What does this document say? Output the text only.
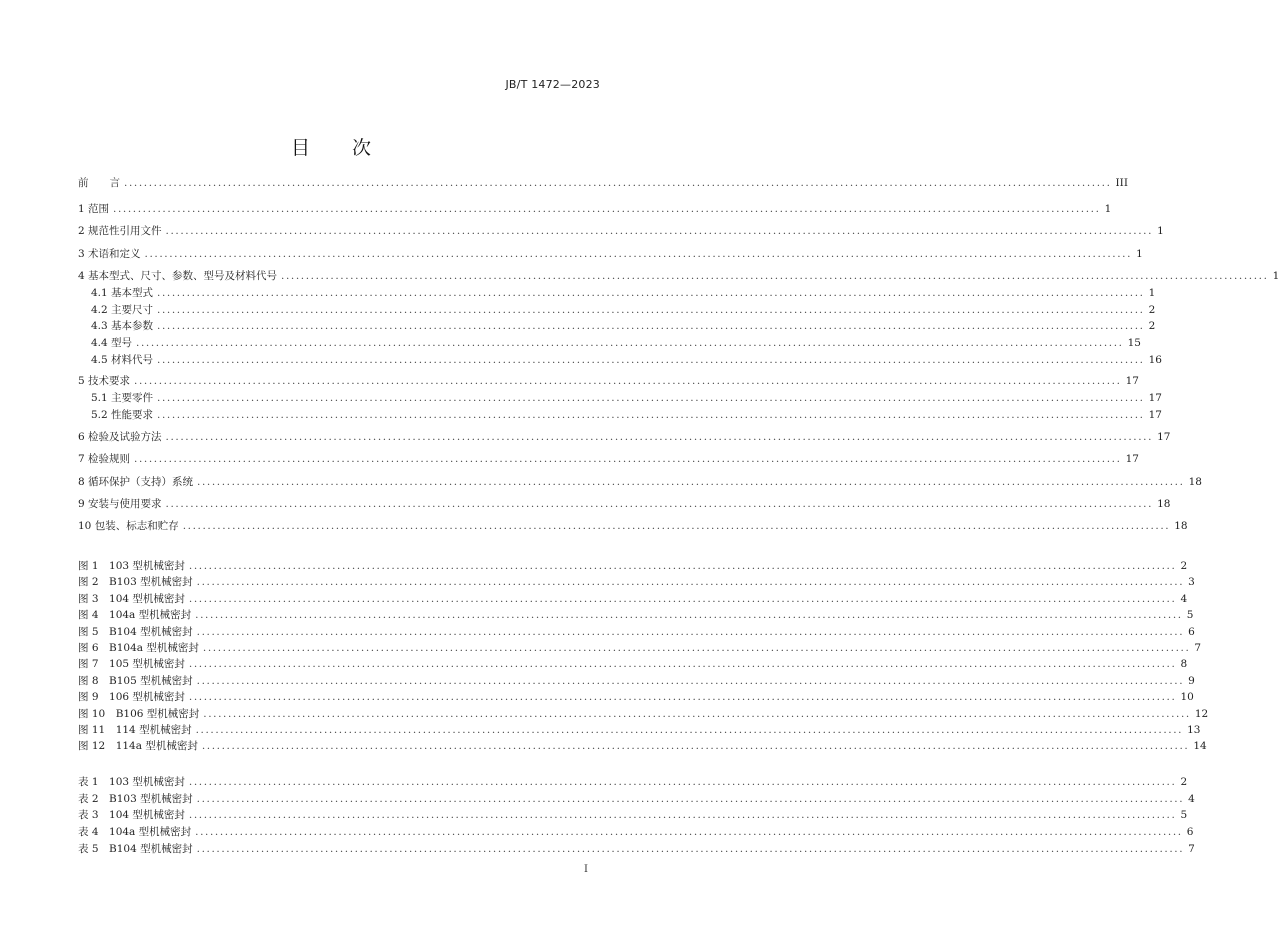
JB/T 1472—2023
目次
前　　言 ........................................................................................................................................................................................................ III
1 范围 ........................................................................................................................................................................................................ 1
2 规范性引用文件 ........................................................................................................................................................................................................ 1
3 术语和定义 ........................................................................................................................................................................................................ 1
4 基本型式、尺寸、参数、型号及材料代号 ........................................................................................................................................................................................................ 1
4.1 基本型式 ........................................................................................................................................................................................................ 1
4.2 主要尺寸 ........................................................................................................................................................................................................ 2
4.3 基本参数 ........................................................................................................................................................................................................ 2
4.4 型号 ........................................................................................................................................................................................................ 15
4.5 材料代号 ........................................................................................................................................................................................................ 16
5 技术要求 ........................................................................................................................................................................................................ 17
5.1 主要零件 ........................................................................................................................................................................................................ 17
5.2 性能要求 ........................................................................................................................................................................................................ 17
6 检验及试验方法 ........................................................................................................................................................................................................ 17
7 检验规则 ........................................................................................................................................................................................................ 17
8 循环保护（支持）系统 ........................................................................................................................................................................................................ 18
9 安装与使用要求 ........................................................................................................................................................................................................ 18
10 包装、标志和贮存 ........................................................................................................................................................................................................ 18
图 1　103 型机械密封 ........................................................................................................................................................................................................ 2
图 2　B103 型机械密封 ........................................................................................................................................................................................................ 3
图 3　104 型机械密封 ........................................................................................................................................................................................................ 4
图 4　104a 型机械密封 ........................................................................................................................................................................................................ 5
图 5　B104 型机械密封 ........................................................................................................................................................................................................ 6
图 6　B104a 型机械密封 ........................................................................................................................................................................................................ 7
图 7　105 型机械密封 ........................................................................................................................................................................................................ 8
图 8　B105 型机械密封 ........................................................................................................................................................................................................ 9
图 9　106 型机械密封 ........................................................................................................................................................................................................ 10
图 10　B106 型机械密封 ........................................................................................................................................................................................................ 12
图 11　114 型机械密封 ........................................................................................................................................................................................................ 13
图 12　114a 型机械密封 ........................................................................................................................................................................................................ 14
表 1　103 型机械密封 ........................................................................................................................................................................................................ 2
表 2　B103 型机械密封 ........................................................................................................................................................................................................ 4
表 3　104 型机械密封 ........................................................................................................................................................................................................ 5
表 4　104a 型机械密封 ........................................................................................................................................................................................................ 6
表 5　B104 型机械密封 ........................................................................................................................................................................................................ 7
I
